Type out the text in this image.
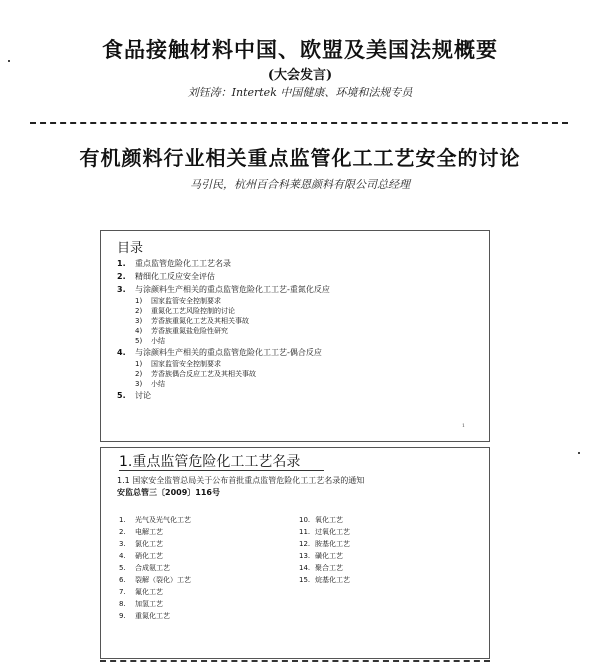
食品接触材料中国、欧盟及美国法规概要
(大会发言)
刘钰涛：Intertek 中国健康、环境和法规专员
有机颜料行业相关重点监管化工工艺安全的讨论
马引民，杭州百合科莱恩颜料有限公司总经理
目录
1.	重点监管危险化工工艺名录
2.	精细化工反应安全评估
3.	与涂颜料生产相关的重点监管危险化工工艺-重氮化反应
1)	国家监管安全控制要求
2)	重氮化工艺风险控制的讨论
3)	芳香族重氮化工艺及其相关事故
4)	芳香族重氮盐危险性研究
5)	小结
4.	与涂颜料生产相关的重点监管危险化工工艺-偶合反应
1)	国家监管安全控制要求
2)	芳香族偶合反应工艺及其相关事故
3)	小结
5.	讨论
1
1.重点监管危险化工工艺名录
1.1 国家安全监管总局关于公布首批重点监管危险化工工艺名录的通知
安监总管三〔2009〕116号
1.	光气及光气化工艺
2.	电解工艺
3.	氯化工艺
4.	硝化工艺
5.	合成氨工艺
6.	裂解（裂化）工艺
7.	氟化工艺
8.	加氢工艺
9.	重氮化工艺
10. 氧化工艺
11. 过氧化工艺
12. 胺基化工艺
13. 磺化工艺
14. 聚合工艺
15. 烷基化工艺
